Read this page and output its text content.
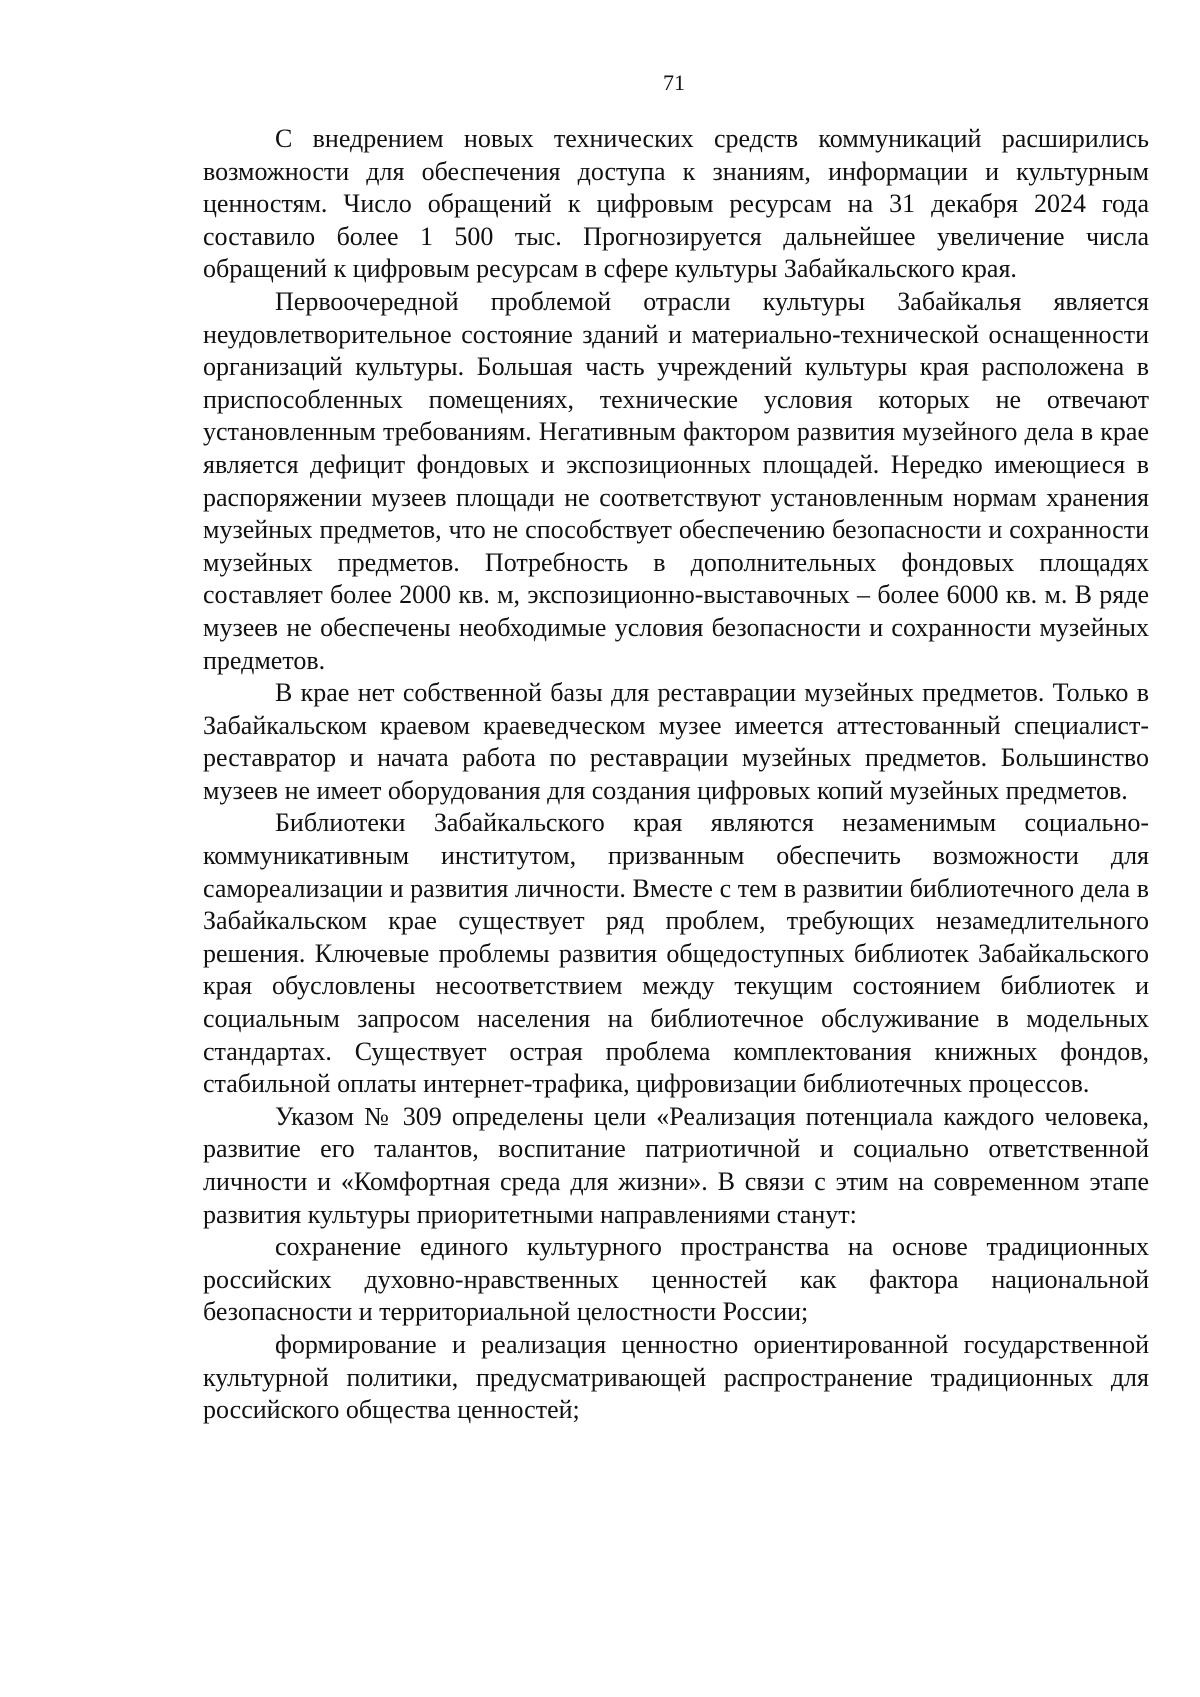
71

С внедрением новых технических средств коммуникаций расширились возможности для обеспечения доступа к знаниям, информации и культурным ценностям. Число обращений к цифровым ресурсам на 31 декабря 2024 года составило более 1 500 тыс. Прогнозируется дальнейшее увеличение числа обращений к цифровым ресурсам в сфере культуры Забайкальского края.

Первоочередной проблемой отрасли культуры Забайкалья является неудовлетворительное состояние зданий и материально-технической оснащенности организаций культуры. Большая часть учреждений культуры края расположена в приспособленных помещениях, технические условия которых не отвечают установленным требованиям. Негативным фактором развития музейного дела в крае является дефицит фондовых и экспозиционных площадей. Нередко имеющиеся в распоряжении музеев площади не соответствуют установленным нормам хранения музейных предметов, что не способствует обеспечению безопасности и сохранности музейных предметов. Потребность в дополнительных фондовых площадях составляет более 2000 кв. м, экспозиционно-выставочных – более 6000 кв. м. В ряде музеев не обеспечены необходимые условия безопасности и сохранности музейных предметов.

В крае нет собственной базы для реставрации музейных предметов. Только в Забайкальском краевом краеведческом музее имеется аттестованный специалист-реставратор и начата работа по реставрации музейных предметов. Большинство музеев не имеет оборудования для создания цифровых копий музейных предметов.

Библиотеки Забайкальского края являются незаменимым социально-коммуникативным институтом, призванным обеспечить возможности для самореализации и развития личности. Вместе с тем в развитии библиотечного дела в Забайкальском крае существует ряд проблем, требующих незамедлительного решения. Ключевые проблемы развития общедоступных библиотек Забайкальского края обусловлены несоответствием между текущим состоянием библиотек и социальным запросом населения на библиотечное обслуживание в модельных стандартах. Существует острая проблема комплектования книжных фондов, стабильной оплаты интернет-трафика, цифровизации библиотечных процессов.

Указом № 309 определены цели «Реализация потенциала каждого человека, развитие его талантов, воспитание патриотичной и социально ответственной личности и «Комфортная среда для жизни». В связи с этим на современном этапе развития культуры приоритетными направлениями станут:

сохранение единого культурного пространства на основе традиционных российских духовно-нравственных ценностей как фактора национальной безопасности и территориальной целостности России;

формирование и реализация ценностно ориентированной государственной культурной политики, предусматривающей распространение традиционных для российского общества ценностей;
